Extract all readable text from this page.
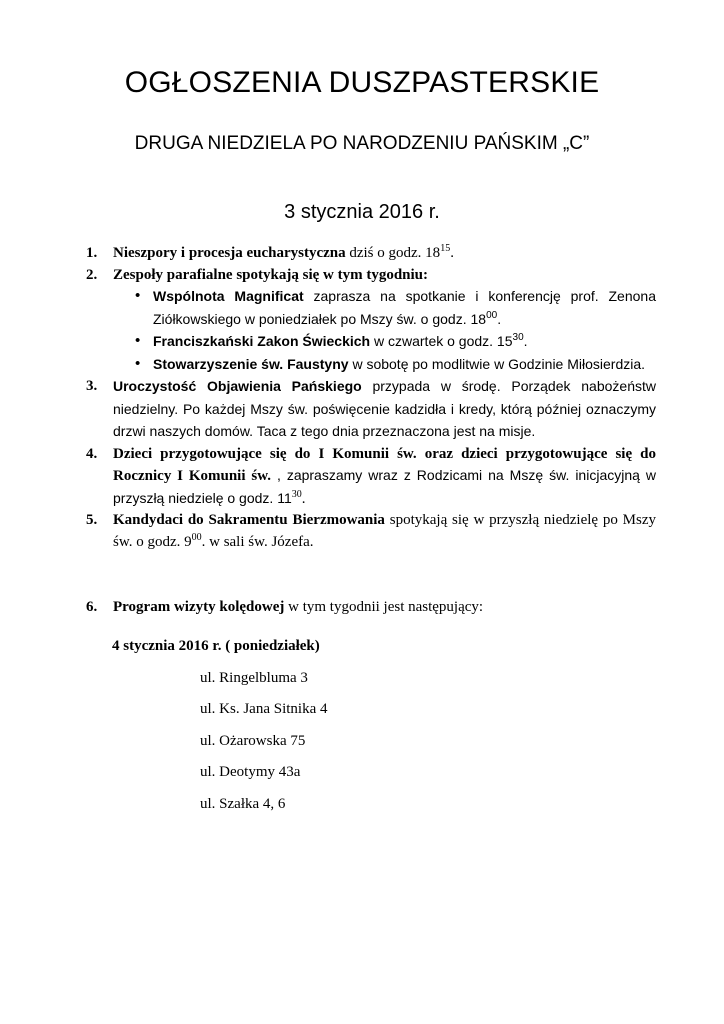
OGŁOSZENIA DUSZPASTERSKIE
DRUGA NIEDZIELA PO NARODZENIU PAŃSKIM „C”
3 stycznia 2016 r.
1. Nieszpory i procesja eucharystyczna dziś o godz. $18^{15}$.
2. Zespoły parafialne spotykają się w tym tygodniu:
• Wspólnota Magnificat zaprasza na spotkanie i konferencję prof. Zenona Ziółkowskiego w poniedziałek po Mszy św. o godz. $18^{00}$.
• Franciszkański Zakon Świeckich w czwartek o godz. $15^{30}$.
• Stowarzyszenie św. Faustyny w sobotę po modlitwie w Godzinie Miłosierdzia.
3. Uroczystość Objawienia Pańskiego przypada w środę. Porządek nabożeństw niedzielny. Po każdej Mszy św. poświęcenie kadzidła i kredy, którą później oznaczymy drzwi naszych domów. Taca z tego dnia przeznaczona jest na misje.
4. Dzieci przygotowujące się do I Komunii św. oraz dzieci przygotowujące się do Rocznicy I Komunii św. , zapraszamy wraz z Rodzicami na Mszę św. inicjacyjną w przyszłą niedzielę o godz. $11^{30}$.
5. Kandydaci do Sakramentu Bierzmowania spotykają się w przyszłą niedzielę po Mszy św. o godz. $9^{00}$. w sali św. Józefa.
6. Program wizyty kolędowej w tym tygodnii jest następujący:
4 stycznia 2016 r. ( poniedziałek)
ul. Ringelbluma 3
ul. Ks. Jana Sitnika 4
ul. Ożarowska 75
ul. Deotymy 43a
ul. Szałka 4, 6
